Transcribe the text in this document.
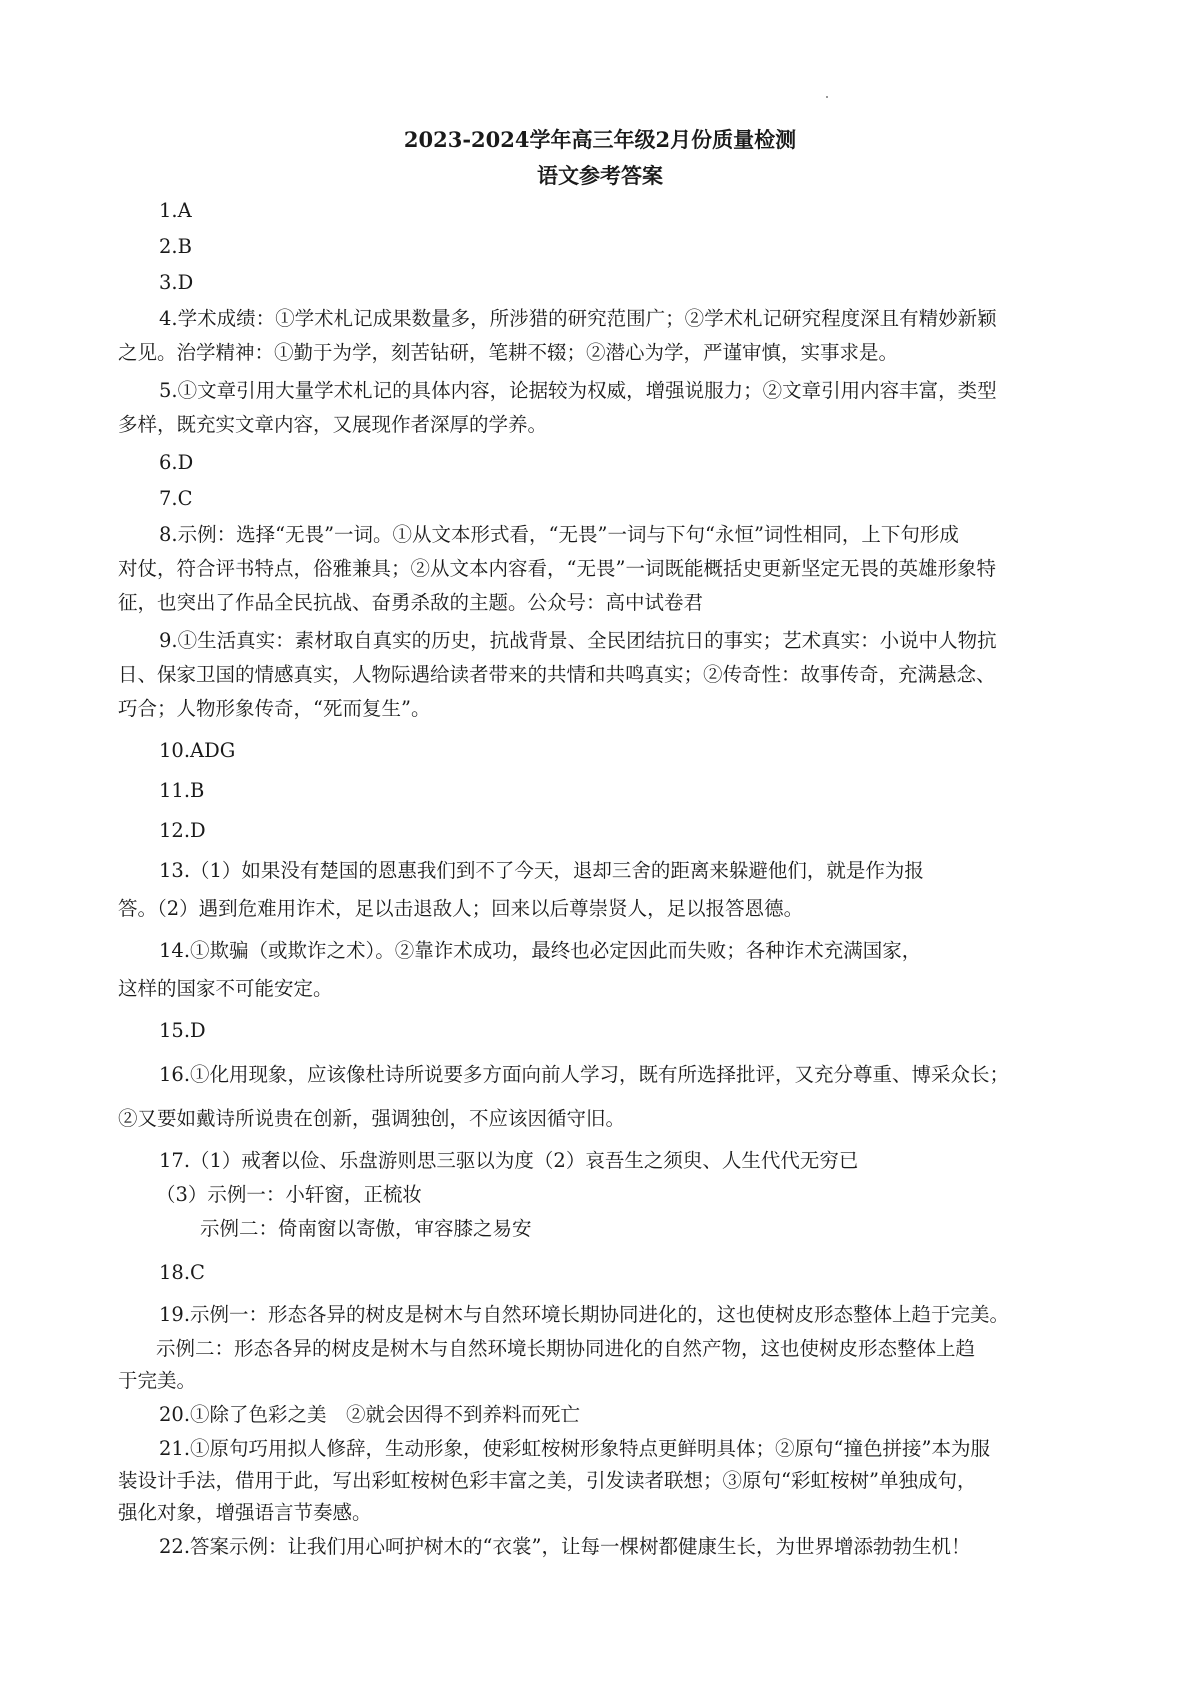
2023-2024学年高三年级2月份质量检测
语文参考答案
1.A
2.B
3.D
4.学术成绩：①学术札记成果数量多，所涉猎的研究范围广；②学术札记研究程度深且有精妙新颖
之见。治学精神：①勤于为学，刻苦钻研，笔耕不辍；②潜心为学，严谨审慎，实事求是。
5.①文章引用大量学术札记的具体内容，论据较为权威，增强说服力；②文章引用内容丰富，类型
多样，既充实文章内容，又展现作者深厚的学养。
6.D
7.C
8.示例：选择“无畏”一词。①从文本形式看，“无畏”一词与下句“永恒”词性相同，上下句形成
对仗，符合评书特点，俗雅兼具；②从文本内容看，“无畏”一词既能概括史更新坚定无畏的英雄形象特
征，也突出了作品全民抗战、奋勇杀敌的主题。公众号：高中试卷君
9.①生活真实：素材取自真实的历史，抗战背景、全民团结抗日的事实；艺术真实：小说中人物抗
日、保家卫国的情感真实，人物际遇给读者带来的共情和共鸣真实；②传奇性：故事传奇，充满悬念、
巧合；人物形象传奇，“死而复生”。
10.ADG
11.B
12.D
13.（1）如果没有楚国的恩惠我们到不了今天，退却三舍的距离来躲避他们，就是作为报
答。（2）遇到危难用诈术，足以击退敌人；回来以后尊崇贤人，足以报答恩德。
14.①欺骗（或欺诈之术）。②靠诈术成功，最终也必定因此而失败；各种诈术充满国家，
这样的国家不可能安定。
15.D
16.①化用现象，应该像杜诗所说要多方面向前人学习，既有所选择批评，又充分尊重、博采众长；
②又要如戴诗所说贵在创新，强调独创，不应该因循守旧。
17.（1）戒奢以俭、乐盘游则思三驱以为度（2）哀吾生之须臾、人生代代无穷已
（3）示例一：小轩窗，正梳妆
示例二：倚南窗以寄傲，审容膝之易安
18.C
19.示例一：形态各异的树皮是树木与自然环境长期协同进化的，这也使树皮形态整体上趋于完美。
示例二：形态各异的树皮是树木与自然环境长期协同进化的自然产物，这也使树皮形态整体上趋
于完美。
20.①除了色彩之美　②就会因得不到养料而死亡
21.①原句巧用拟人修辞，生动形象，使彩虹桉树形象特点更鲜明具体；②原句“撞色拼接”本为服
装设计手法，借用于此，写出彩虹桉树色彩丰富之美，引发读者联想；③原句“彩虹桉树”单独成句，
强化对象，增强语言节奏感。
22.答案示例：让我们用心呵护树木的“衣裳”，让每一棵树都健康生长，为世界增添勃勃生机！
